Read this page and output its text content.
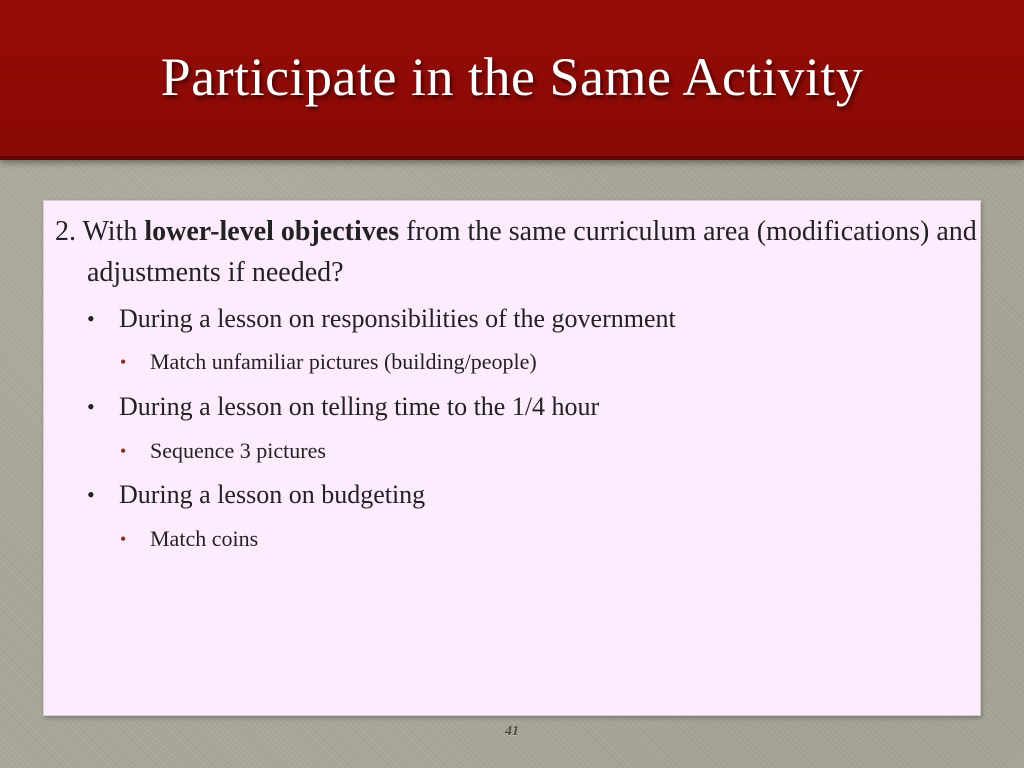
Participate in the Same Activity

2. With lower-level objectives from the same curriculum area (modifications) and adjustments if needed?

• During a lesson on responsibilities of the government
• Match unfamiliar pictures (building/people)
• During a lesson on telling time to the 1/4 hour
• Sequence 3 pictures
• During a lesson on budgeting
• Match coins
41
